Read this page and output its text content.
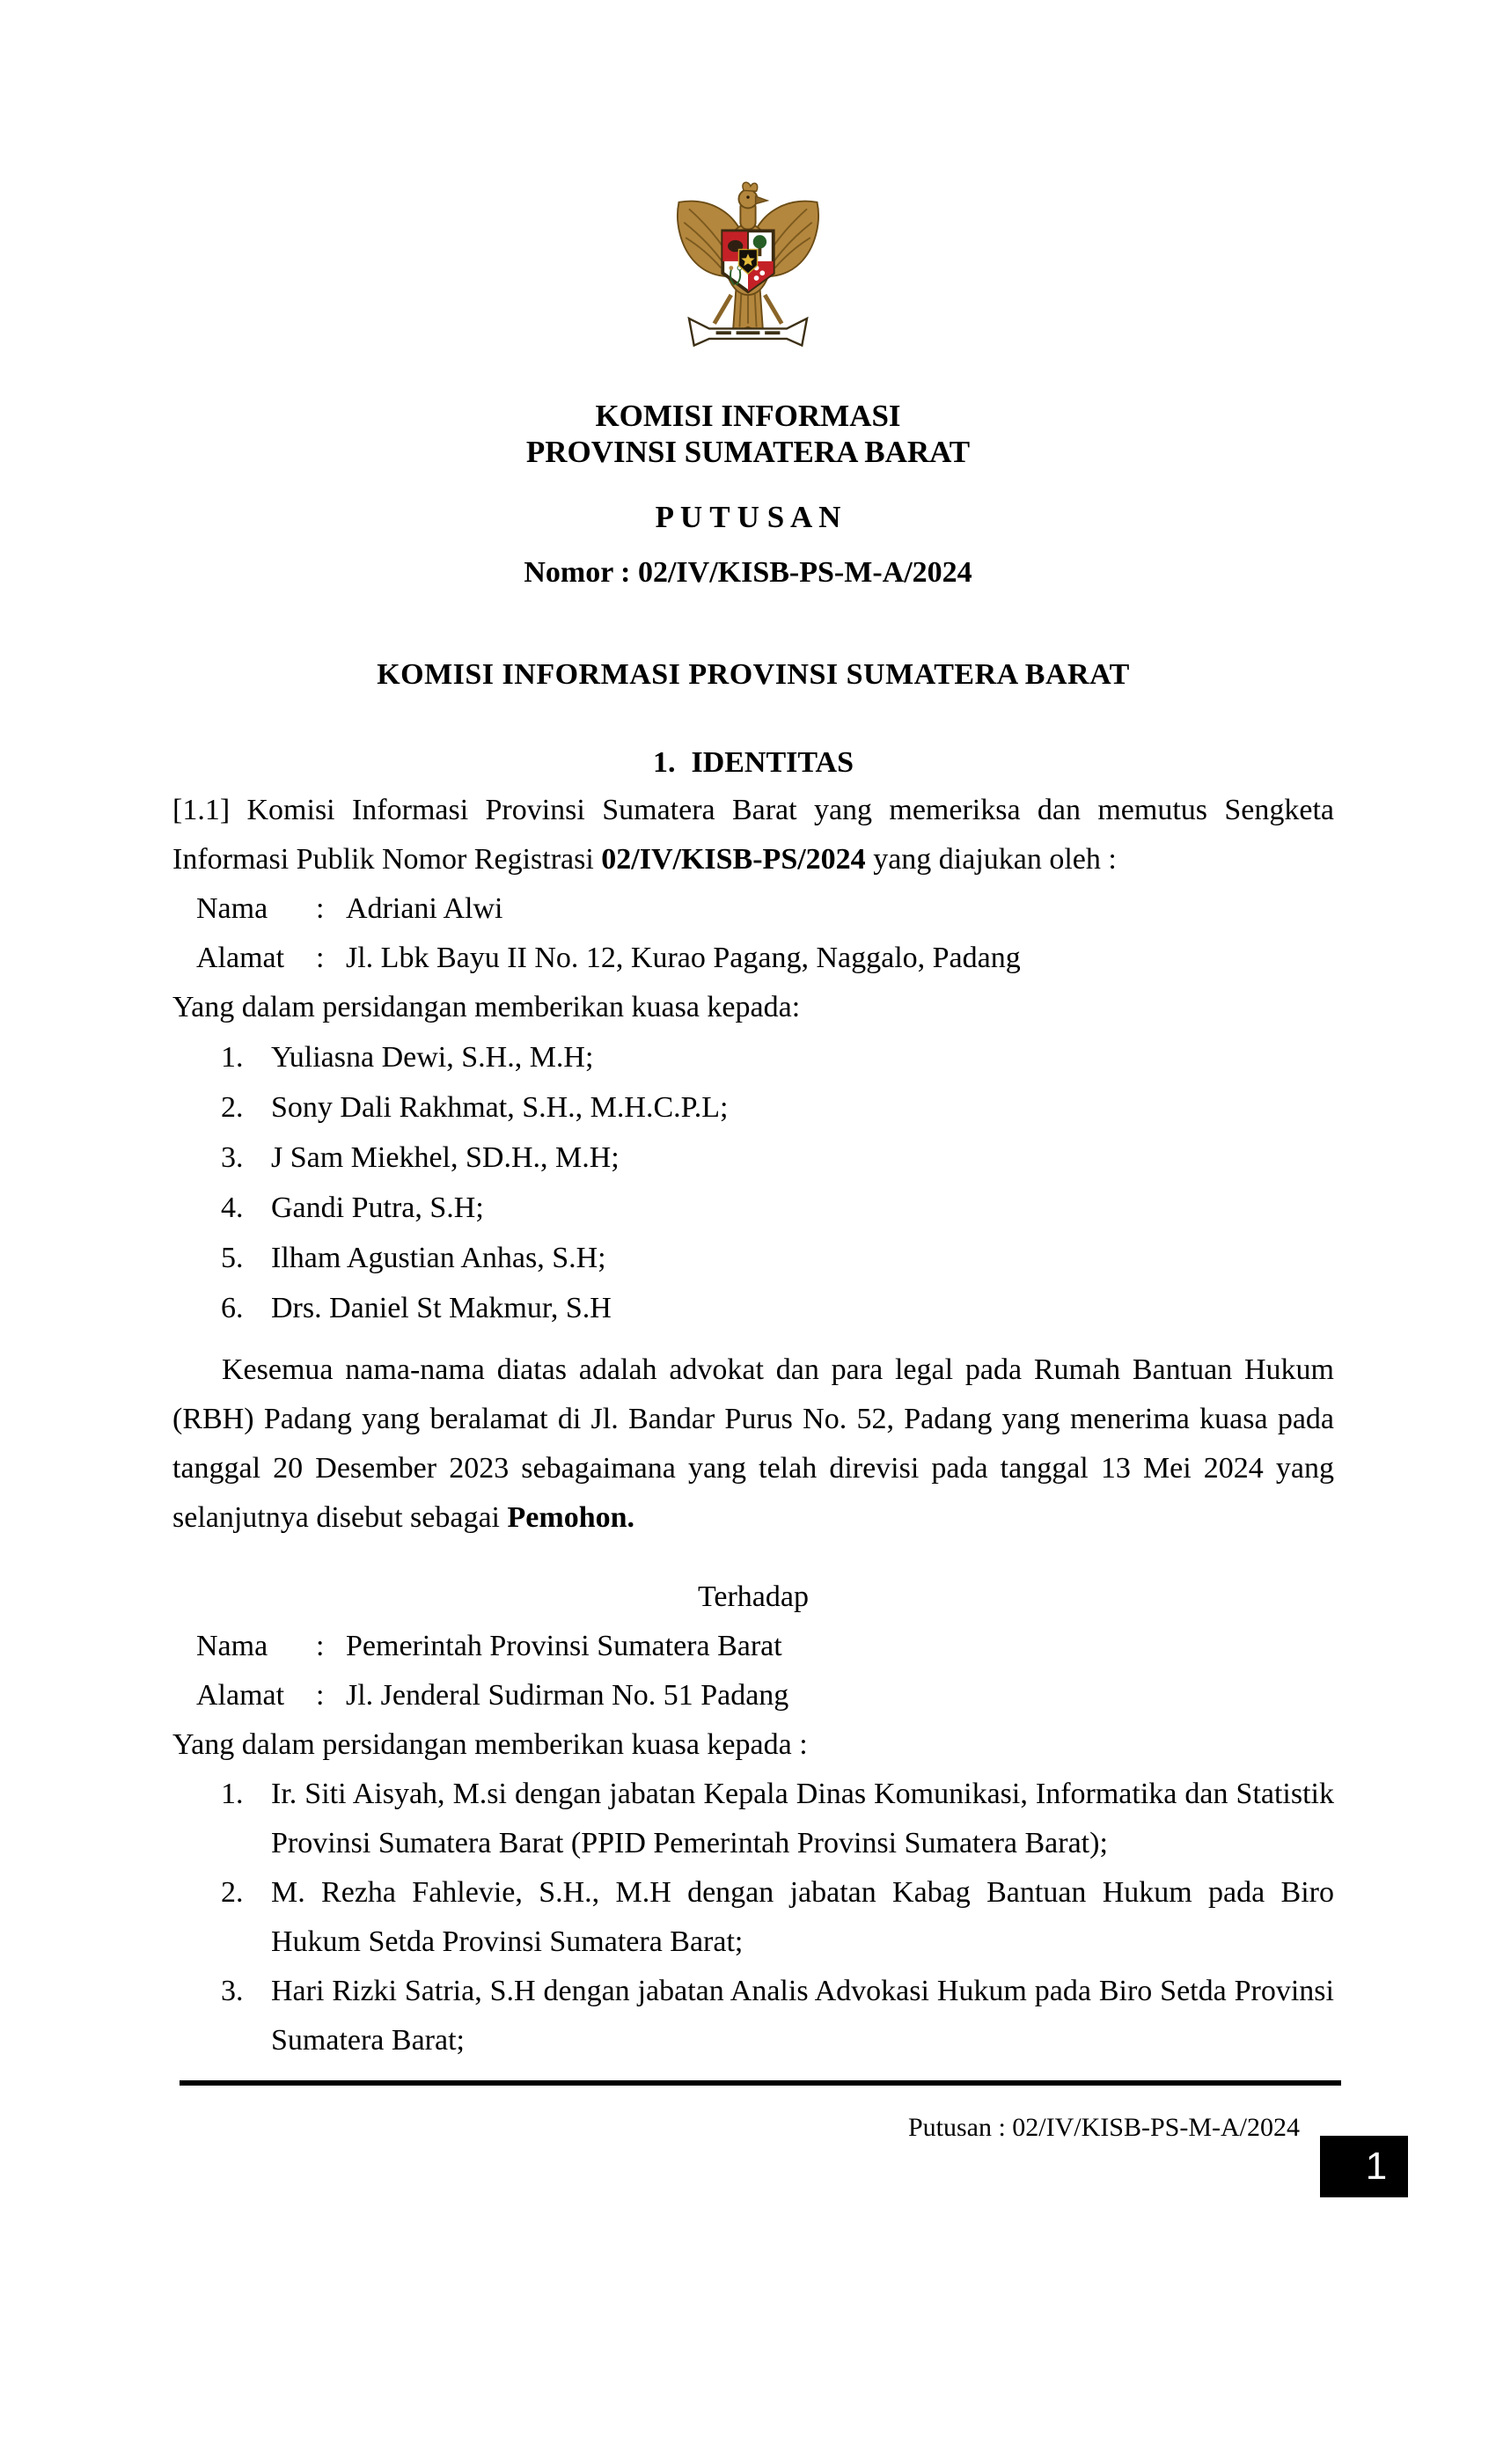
KOMISI INFORMASI
PROVINSI SUMATERA BARAT
P U T U S A N
Nomor : 02/IV/KISB-PS-M-A/2024
KOMISI INFORMASI PROVINSI SUMATERA BARAT
1. IDENTITAS

[1.1] Komisi Informasi Provinsi Sumatera Barat yang memeriksa dan memutus Sengketa Informasi Publik Nomor Registrasi 02/IV/KISB-PS/2024 yang diajukan oleh :

Nama	: Adriani Alwi
Alamat	: Jl. Lbk Bayu II No. 12, Kurao Pagang, Naggalo, Padang
Yang dalam persidangan memberikan kuasa kepada:
1. Yuliasna Dewi, S.H., M.H;
2. Sony Dali Rakhmat, S.H., M.H.C.P.L;
3. J Sam Miekhel, SD.H., M.H;
4. Gandi Putra, S.H;
5. Ilham Agustian Anhas, S.H;
6. Drs. Daniel St Makmur, S.H

Kesemua nama-nama diatas adalah advokat dan para legal pada Rumah Bantuan Hukum (RBH) Padang yang beralamat di Jl. Bandar Purus No. 52, Padang yang menerima kuasa pada tanggal 20 Desember 2023 sebagaimana yang telah direvisi pada tanggal 13 Mei 2024 yang selanjutnya disebut sebagai Pemohon.

Terhadap
Nama	: Pemerintah Provinsi Sumatera Barat
Alamat	: Jl. Jenderal Sudirman No. 51 Padang
Yang dalam persidangan memberikan kuasa kepada :
1. Ir. Siti Aisyah, M.si dengan jabatan Kepala Dinas Komunikasi, Informatika dan Statistik Provinsi Sumatera Barat (PPID Pemerintah Provinsi Sumatera Barat);
2. M. Rezha Fahlevie, S.H., M.H dengan jabatan Kabag Bantuan Hukum pada Biro Hukum Setda Provinsi Sumatera Barat;
3. Hari Rizki Satria, S.H dengan jabatan Analis Advokasi Hukum pada Biro Setda Provinsi Sumatera Barat;
Putusan : 02/IV/KISB-PS-M-A/2024
1
